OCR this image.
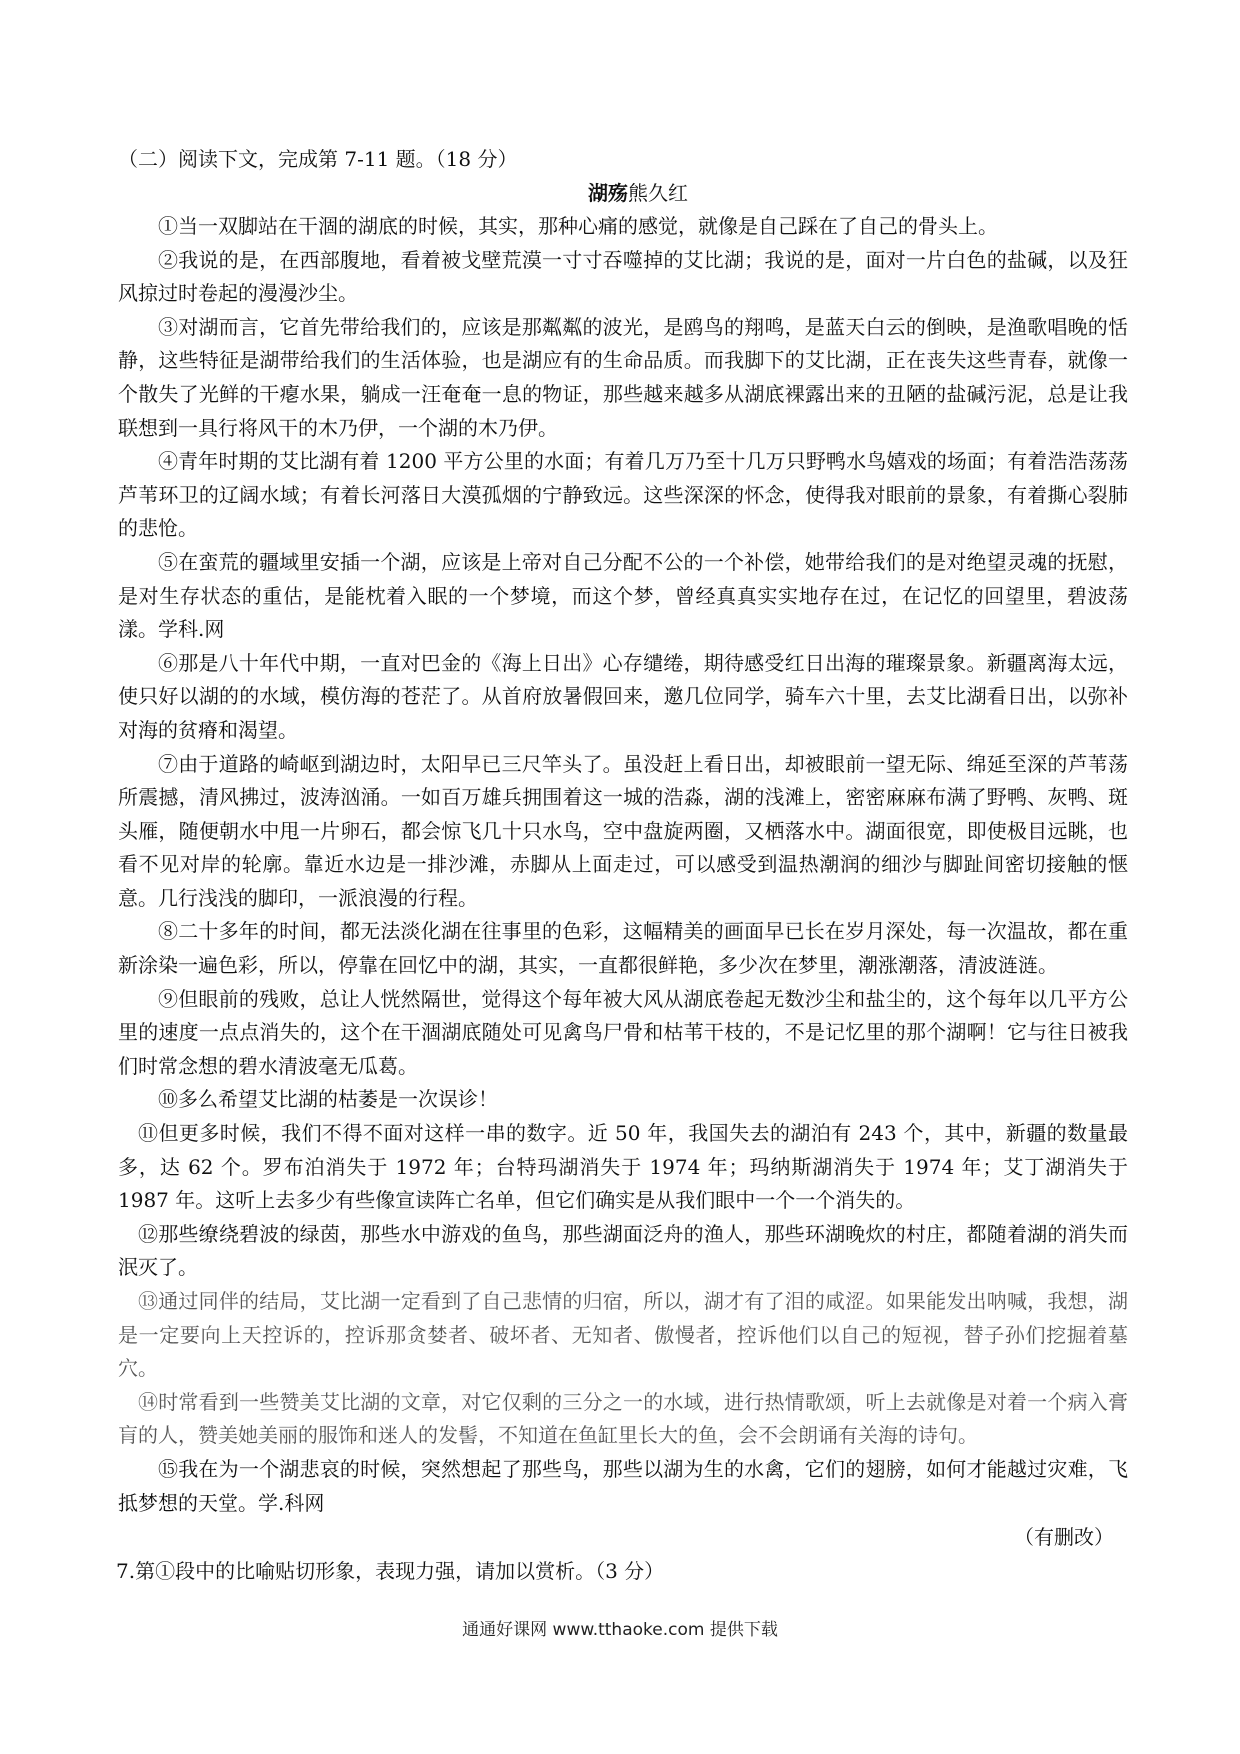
（二）阅读下文，完成第 7-11 题。（18 分）

湖殇熊久红

①当一双脚站在干涸的湖底的时候，其实，那种心痛的感觉，就像是自己踩在了自己的骨头上。

②我说的是，在西部腹地，看着被戈壁荒漠一寸寸吞噬掉的艾比湖；我说的是，面对一片白色的盐碱，以及狂风掠过时卷起的漫漫沙尘。

③对湖而言，它首先带给我们的，应该是那粼粼的波光，是鸥鸟的翔鸣，是蓝天白云的倒映，是渔歌唱晚的恬静，这些特征是湖带给我们的生活体验，也是湖应有的生命品质。而我脚下的艾比湖，正在丧失这些青春，就像一个散失了光鲜的干瘪水果，躺成一汪奄奄一息的物证，那些越来越多从湖底裸露出来的丑陋的盐碱污泥，总是让我联想到一具行将风干的木乃伊，一个湖的木乃伊。

④青年时期的艾比湖有着 1200 平方公里的水面；有着几万乃至十几万只野鸭水鸟嬉戏的场面；有着浩浩荡荡芦苇环卫的辽阔水域；有着长河落日大漠孤烟的宁静致远。这些深深的怀念，使得我对眼前的景象，有着撕心裂肺的悲怆。

⑤在蛮荒的疆域里安插一个湖，应该是上帝对自己分配不公的一个补偿，她带给我们的是对绝望灵魂的抚慰，是对生存状态的重估，是能枕着入眠的一个梦境，而这个梦，曾经真真实实地存在过，在记忆的回望里，碧波荡漾。学科.网

⑥那是八十年代中期，一直对巴金的《海上日出》心存缱绻，期待感受红日出海的璀璨景象。新疆离海太远，使只好以湖的的水域，模仿海的苍茫了。从首府放暑假回来，邀几位同学，骑车六十里，去艾比湖看日出，以弥补对海的贫瘠和渴望。

⑦由于道路的崎岖到湖边时，太阳早已三尺竿头了。虽没赶上看日出，却被眼前一望无际、绵延至深的芦苇荡所震撼，清风拂过，波涛汹涌。一如百万雄兵拥围着这一城的浩淼，湖的浅滩上，密密麻麻布满了野鸭、灰鸭、斑头雁，随便朝水中甩一片卵石，都会惊飞几十只水鸟，空中盘旋两圈，又栖落水中。湖面很宽，即使极目远眺，也看不见对岸的轮廓。靠近水边是一排沙滩，赤脚从上面走过，可以感受到温热潮润的细沙与脚趾间密切接触的惬意。几行浅浅的脚印，一派浪漫的行程。

⑧二十多年的时间，都无法淡化湖在往事里的色彩，这幅精美的画面早已长在岁月深处，每一次温故，都在重新涂染一遍色彩，所以，停靠在回忆中的湖，其实，一直都很鲜艳，多少次在梦里，潮涨潮落，清波涟涟。

⑨但眼前的残败，总让人恍然隔世，觉得这个每年被大风从湖底卷起无数沙尘和盐尘的，这个每年以几平方公里的速度一点点消失的，这个在干涸湖底随处可见禽鸟尸骨和枯苇干枝的，不是记忆里的那个湖啊！它与往日被我们时常念想的碧水清波毫无瓜葛。

⑩多么希望艾比湖的枯萎是一次误诊！

⑪但更多时候，我们不得不面对这样一串的数字。近 50 年，我国失去的湖泊有 243 个，其中，新疆的数量最多，达 62 个。罗布泊消失于 1972 年；台特玛湖消失于 1974 年；玛纳斯湖消失于 1974 年；艾丁湖消失于 1987 年。这听上去多少有些像宣读阵亡名单，但它们确实是从我们眼中一个一个消失的。

⑫那些缭绕碧波的绿茵，那些水中游戏的鱼鸟，那些湖面泛舟的渔人，那些环湖晚炊的村庄，都随着湖的消失而泯灭了。

⑬通过同伴的结局，艾比湖一定看到了自己悲情的归宿，所以，湖才有了泪的咸涩。如果能发出呐喊，我想，湖是一定要向上天控诉的，控诉那贪婪者、破坏者、无知者、傲慢者，控诉他们以自己的短视，替子孙们挖掘着墓穴。

⑭时常看到一些赞美艾比湖的文章，对它仅剩的三分之一的水域，进行热情歌颂，听上去就像是对着一个病入膏肓的人，赞美她美丽的服饰和迷人的发髻，不知道在鱼缸里长大的鱼，会不会朗诵有关海的诗句。

⑮我在为一个湖悲哀的时候，突然想起了那些鸟，那些以湖为生的水禽，它们的翅膀，如何才能越过灾难，飞抵梦想的天堂。学.科网

（有删改）

7.第①段中的比喻贴切形象，表现力强，请加以赏析。（3 分）

通通好课网 www.tthaoke.com 提供下载
